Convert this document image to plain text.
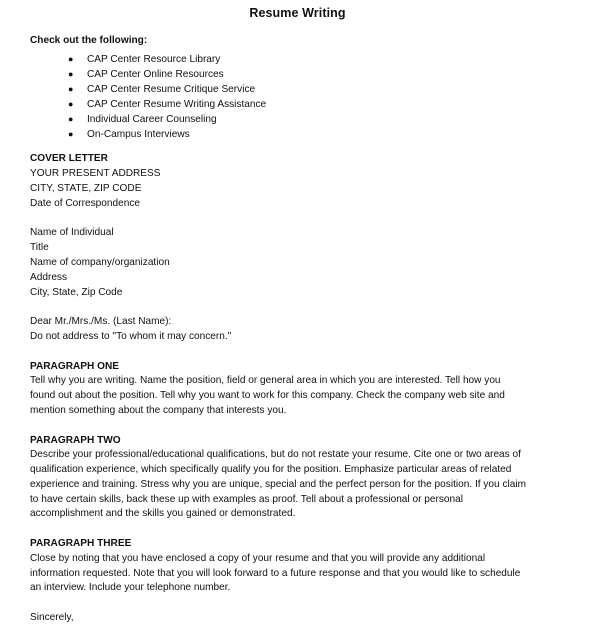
Resume Writing

Check out the following:

● CAP Center Resource Library
● CAP Center Online Resources
● CAP Center Resume Critique Service
● CAP Center Resume Writing Assistance
● Individual Career Counseling
● On-Campus Interviews

COVER LETTER

YOUR PRESENT ADDRESS
CITY, STATE, ZIP CODE
Date of Correspondence
Name of Individual
Title
Name of company/organization
Address
City, State, Zip Code
Dear Mr./Mrs./Ms. (Last Name):
Do not address to "To whom it may concern."

PARAGRAPH ONE

Tell why you are writing. Name the position, field or general area in which you are interested. Tell how you
found out about the position. Tell why you want to work for this company. Check the company web site and
mention something about the company that interests you.

PARAGRAPH TWO

Describe your professional/educational qualifications, but do not restate your resume. Cite one or two areas of
qualification experience, which specifically qualify you for the position. Emphasize particular areas of related
experience and training. Stress why you are unique, special and the perfect person for the position. If you claim
to have certain skills, back these up with examples as proof. Tell about a professional or personal
accomplishment and the skills you gained or demonstrated.

PARAGRAPH THREE

Close by noting that you have enclosed a copy of your resume and that you will provide any additional
information requested. Note that you will look forward to a future response and that you would like to schedule
an interview. Include your telephone number.
Sincerely,
